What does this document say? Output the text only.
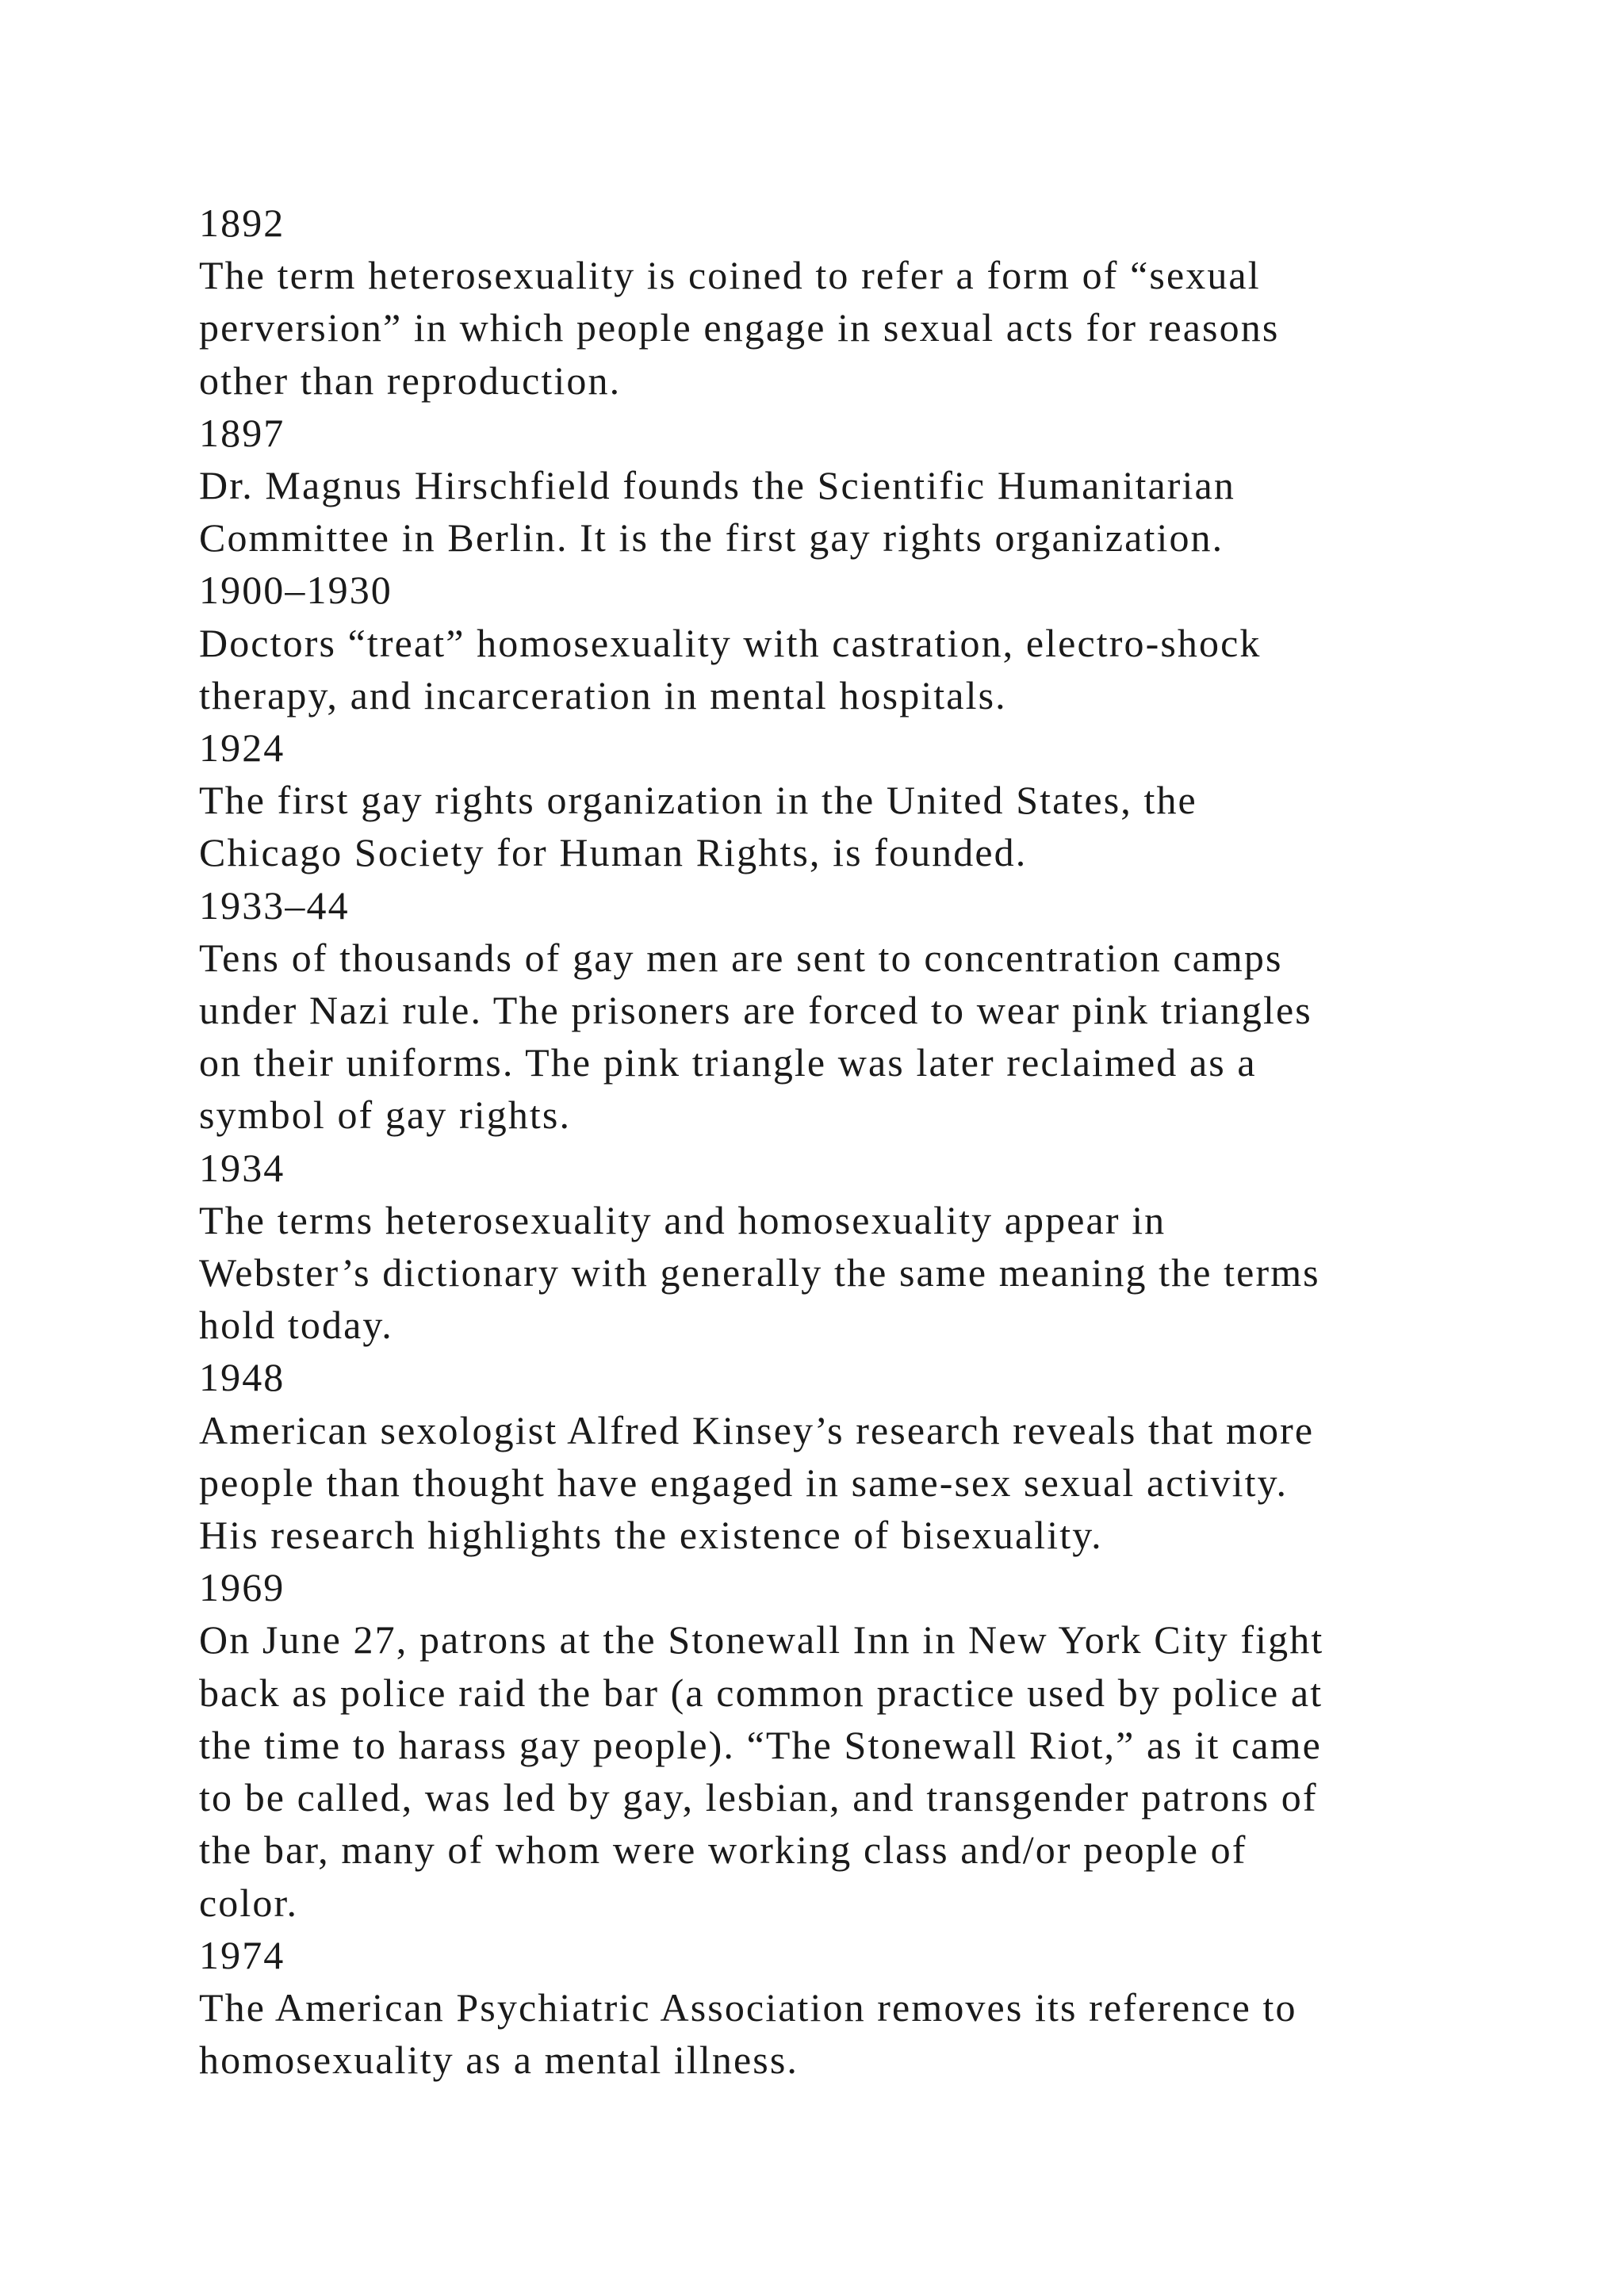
1892
The term heterosexuality is coined to refer a form of “sexual
perversion” in which people engage in sexual acts for reasons
other than reproduction.
1897
Dr. Magnus Hirschfield founds the Scientific Humanitarian
Committee in Berlin. It is the first gay rights organization.
1900–1930
Doctors “treat” homosexuality with castration, electro-shock
therapy, and incarceration in mental hospitals.
1924
The first gay rights organization in the United States, the
Chicago Society for Human Rights, is founded.
1933–44
Tens of thousands of gay men are sent to concentration camps
under Nazi rule. The prisoners are forced to wear pink triangles
on their uniforms. The pink triangle was later reclaimed as a
symbol of gay rights.
1934
The terms heterosexuality and homosexuality appear in
Webster’s dictionary with generally the same meaning the terms
hold today.
1948
American sexologist Alfred Kinsey’s research reveals that more
people than thought have engaged in same-sex sexual activity.
His research highlights the existence of bisexuality.
1969
On June 27, patrons at the Stonewall Inn in New York City fight
back as police raid the bar (a common practice used by police at
the time to harass gay people). “The Stonewall Riot,” as it came
to be called, was led by gay, lesbian, and transgender patrons of
the bar, many of whom were working class and/or people of
color.
1974
The American Psychiatric Association removes its reference to
homosexuality as a mental illness.
